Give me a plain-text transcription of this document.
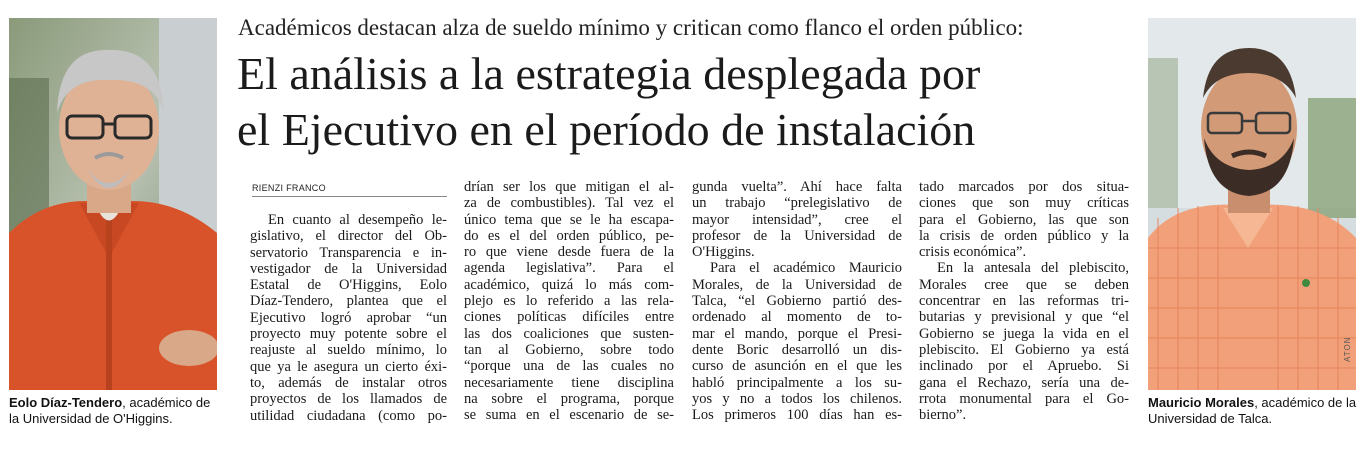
Eolo Díaz-Tendero, académico de la Universidad de O'Higgins.
Académicos destacan alza de sueldo mínimo y critican como flanco el orden público:
El análisis a la estrategia desplegada por
el Ejecutivo en el período de instalación
RIENZI FRANCO
En cuanto al desempeño le-
gislativo, el director del Ob-
servatorio Transparencia e in-
vestigador de la Universidad
Estatal de O'Higgins, Eolo
Díaz-Tendero, plantea que el
Ejecutivo logró aprobar “un
proyecto muy potente sobre el
reajuste al sueldo mínimo, lo
que ya le asegura un cierto éxi-
to, además de instalar otros
proyectos de los llamados de
utilidad ciudadana (como po-
drían ser los que mitigan el al-
za de combustibles). Tal vez el
único tema que se le ha escapa-
do es el del orden público, pe-
ro que viene desde fuera de la
agenda legislativa”. Para el
académico, quizá lo más com-
plejo es lo referido a las rela-
ciones políticas difíciles entre
las dos coaliciones que susten-
tan al Gobierno, sobre todo
“porque una de las cuales no
necesariamente tiene disciplina
na sobre el programa, porque
se suma en el escenario de se-
gunda vuelta”. Ahí hace falta
un trabajo “prelegislativo de
mayor intensidad”, cree el
profesor de la Universidad de
O'Higgins.
Para el académico Mauricio
Morales, de la Universidad de
Talca, “el Gobierno partió des-
ordenado al momento de to-
mar el mando, porque el Presi-
dente Boric desarrolló un dis-
curso de asunción en el que les
habló principalmente a los su-
yos y no a todos los chilenos.
Los primeros 100 días han es-
tado marcados por dos situa-
ciones que son muy críticas
para el Gobierno, las que son
la crisis de orden público y la
crisis económica”.
En la antesala del plebiscito,
Morales cree que se deben
concentrar en las reformas tri-
butarias y previsional y que “el
Gobierno se juega la vida en el
plebiscito. El Gobierno ya está
inclinado por el Apruebo. Si
gana el Rechazo, sería una de-
rrota monumental para el Go-
bierno”.
ATON
Mauricio Morales, académico de la Universidad de Talca.
